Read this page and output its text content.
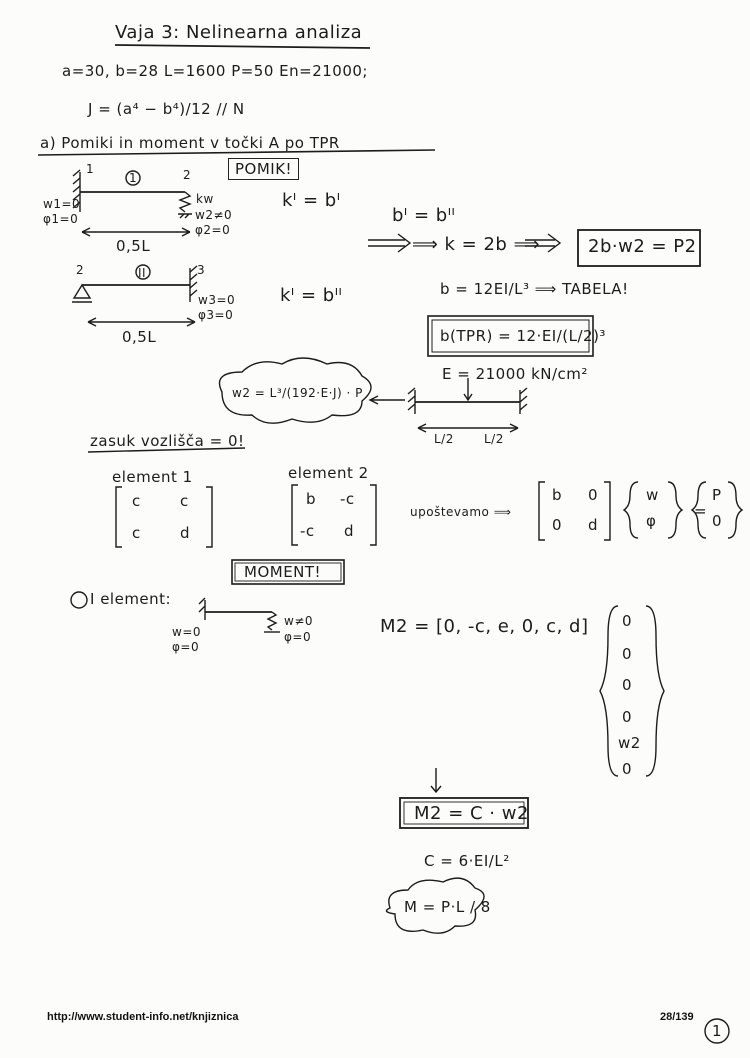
Vaja 3: Nelinearna analiza
a=30, b=28 L=1600 P=50 En=21000;
J = (a⁴ − b⁴)/12 // N
a) Pomiki in moment v točki A po TPR
POMIK!
1
1	2
kw
w1=0
φ1=0	w2≠0
φ2=0
0,5L
II
2	3
w3=0
φ3=0
0,5L
kᴵ = bᴵ
kᴵ = bᴵᴵ
bᴵ = bᴵᴵ
⟹ k = 2b ⟹	2b·w2 = P2
b = 12EI/L³ ⟹ TABELA!
b(TPR) = 12·EI/(L/2)³
E = 21000 kN/cm²
w2 = L³/(192·E·J) · P
L/2	L/2
zasuk vozlišča = 0!
element 1	element 2
c	c
c	d
b -c
-c d
upoštevamo ⟹
b 0
0 d
w
φ
=
P
0
MOMENT!
I element:
w=0
φ=0
w≠0
φ=0	M2 = [0, -c, e, 0, c, d] 0
0
0
0
w2
0
M2 = C · w2
C = 6·EI/L²
M = P·L / 8
http://www.student-info.net/knjiznica	28/139
1
